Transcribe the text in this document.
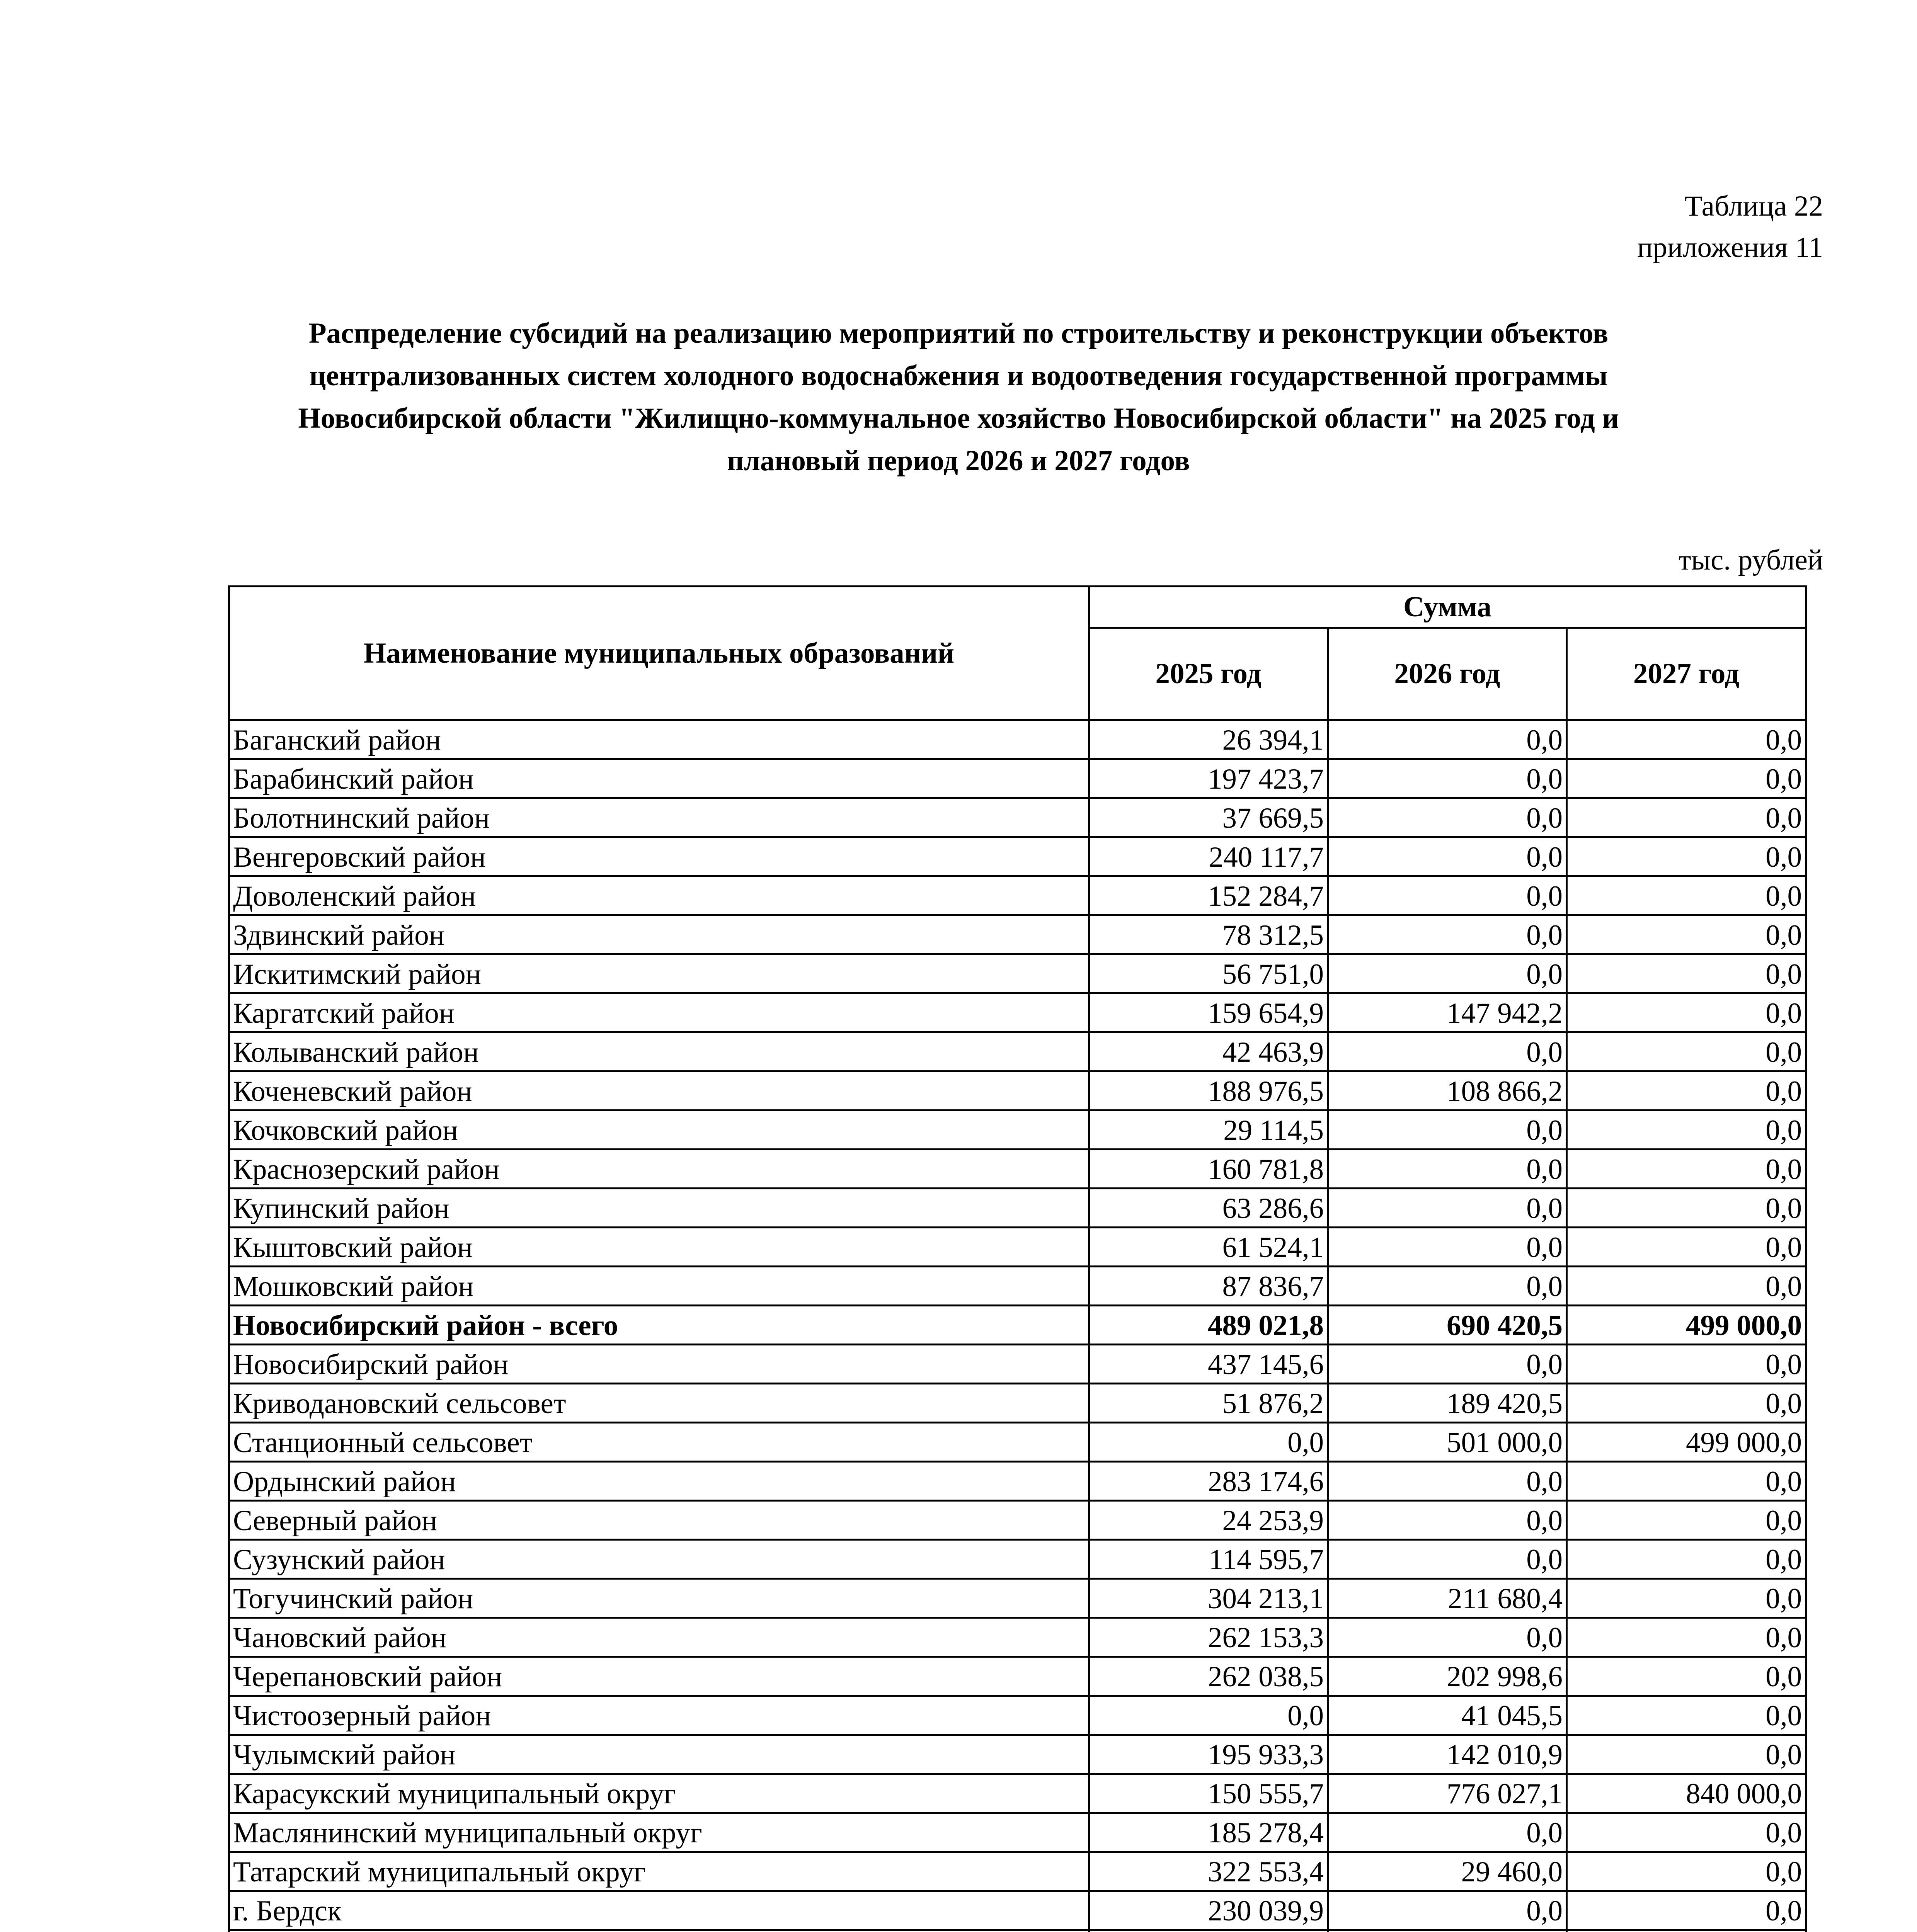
Таблица 22
приложения 11
Распределение субсидий на реализацию мероприятий по строительству и реконструкции объектов централизованных систем холодного водоснабжения и водоотведения государственной программы Новосибирской области "Жилищно-коммунальное хозяйство Новосибирской области" на 2025 год и плановый период 2026 и 2027 годов
тыс. рублей
Наименование муниципальных образований	Сумма		
	2025 год	2026 год	2027 год
Баганский район	26 394,1	0,0	0,0
Барабинский район	197 423,7	0,0	0,0
Болотнинский район	37 669,5	0,0	0,0
Венгеровский район	240 117,7	0,0	0,0
Доволенский район	152 284,7	0,0	0,0
Здвинский район	78 312,5	0,0	0,0
Искитимский район	56 751,0	0,0	0,0
Каргатский район	159 654,9	147 942,2	0,0
Колыванский район	42 463,9	0,0	0,0
Коченевский район	188 976,5	108 866,2	0,0
Кочковский район	29 114,5	0,0	0,0
Краснозерский район	160 781,8	0,0	0,0
Купинский район	63 286,6	0,0	0,0
Кыштовский район	61 524,1	0,0	0,0
Мошковский район	87 836,7	0,0	0,0
Новосибирский район - всего	489 021,8	690 420,5	499 000,0
Новосибирский район	437 145,6	0,0	0,0
Криводановский сельсовет	51 876,2	189 420,5	0,0
Станционный сельсовет	0,0	501 000,0	499 000,0
Ордынский район	283 174,6	0,0	0,0
Северный район	24 253,9	0,0	0,0
Сузунский район	114 595,7	0,0	0,0
Тогучинский район	304 213,1	211 680,4	0,0
Чановский район	262 153,3	0,0	0,0
Черепановский район	262 038,5	202 998,6	0,0
Чистоозерный район	0,0	41 045,5	0,0
Чулымский район	195 933,3	142 010,9	0,0
Карасукский муниципальный округ	150 555,7	776 027,1	840 000,0
Маслянинский муниципальный округ	185 278,4	0,0	0,0
Татарский муниципальный округ	322 553,4	29 460,0	0,0
г. Бердск	230 039,9	0,0	0,0
